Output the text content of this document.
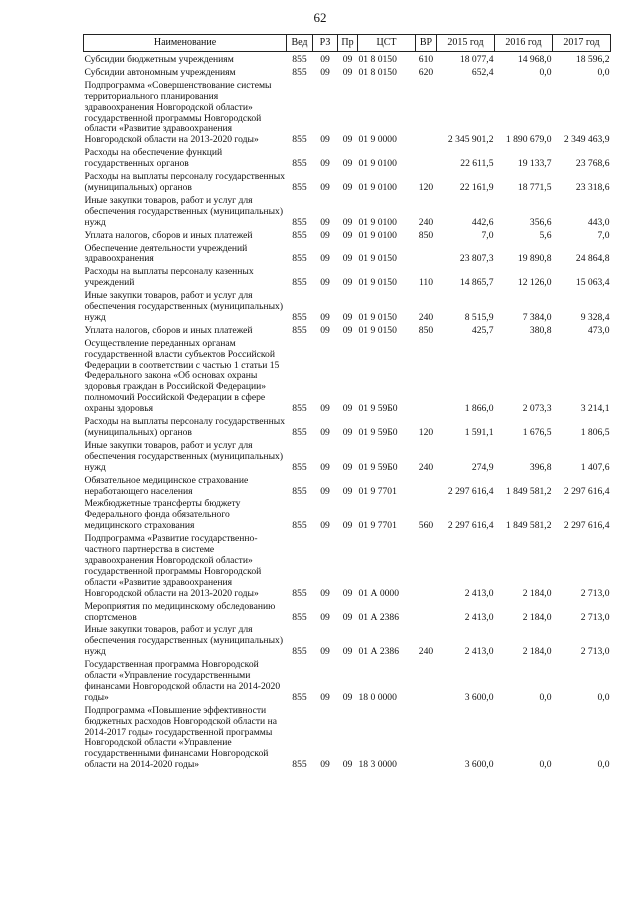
62
Наименование	Вед	РЗ	Пр	ЦСТ	ВР	2015 год	2016 год	2017 год
Субсидии бюджетным учреждениям	855	09	09	01 8 0150	610	18 077,4	14 968,0	18 596,2
Субсидии автономным учреждениям	855	09	09	01 8 0150	620	652,4	0,0	0,0
Подпрограмма «Совершенствование системы территориального планирования здравоохранения Новгородской области» государственной программы Новгородской области «Развитие здравоохранения Новгородской области на 2013-2020 годы»	855	09	09	01 9 0000		2 345 901,2	1 890 679,0	2 349 463,9
Расходы на обеспечение функций государственных органов	855	09	09	01 9 0100		22 611,5	19 133,7	23 768,6
Расходы на выплаты персоналу государственных (муниципальных) органов	855	09	09	01 9 0100	120	22 161,9	18 771,5	23 318,6
Иные закупки товаров, работ и услуг для обеспечения государственных (муниципальных) нужд	855	09	09	01 9 0100	240	442,6	356,6	443,0
Уплата налогов, сборов и иных платежей	855	09	09	01 9 0100	850	7,0	5,6	7,0
Обеспечение деятельности учреждений здравоохранения	855	09	09	01 9 0150		23 807,3	19 890,8	24 864,8
Расходы на выплаты персоналу казенных учреждений	855	09	09	01 9 0150	110	14 865,7	12 126,0	15 063,4
Иные закупки товаров, работ и услуг для обеспечения государственных (муниципальных) нужд	855	09	09	01 9 0150	240	8 515,9	7 384,0	9 328,4
Уплата налогов, сборов и иных платежей	855	09	09	01 9 0150	850	425,7	380,8	473,0
Осуществление переданных органам государственной власти субъектов Российской Федерации в соответствии с частью 1 статьи 15 Федерального закона «Об основах охраны здоровья граждан в Российской Федерации» полномочий Российской Федерации в сфере охраны здоровья	855	09	09	01 9 59Б0		1 866,0	2 073,3	3 214,1
Расходы на выплаты персоналу государственных (муниципальных) органов	855	09	09	01 9 59Б0	120	1 591,1	1 676,5	1 806,5
Иные закупки товаров, работ и услуг для обеспечения государственных (муниципальных) нужд	855	09	09	01 9 59Б0	240	274,9	396,8	1 407,6
Обязательное медицинское страхование неработающего населения	855	09	09	01 9 7701		2 297 616,4	1 849 581,2	2 297 616,4
Межбюджетные трансферты бюджету Федерального фонда обязательного медицинского страхования	855	09	09	01 9 7701	560	2 297 616,4	1 849 581,2	2 297 616,4
Подпрограмма «Развитие государственно-частного партнерства в системе здравоохранения Новгородской области» государственной программы Новгородской области «Развитие здравоохранения Новгородской области на 2013-2020 годы»	855	09	09	01 А 0000		2 413,0	2 184,0	2 713,0
Мероприятия по медицинскому обследованию спортсменов	855	09	09	01 А 2386		2 413,0	2 184,0	2 713,0
Иные закупки товаров, работ и услуг для обеспечения государственных (муниципальных) нужд	855	09	09	01 А 2386	240	2 413,0	2 184,0	2 713,0
Государственная программа Новгородской области «Управление государственными финансами Новгородской области на 2014-2020 годы»	855	09	09	18 0 0000		3 600,0	0,0	0,0
Подпрограмма «Повышение эффективности бюджетных расходов Новгородской области на 2014-2017 годы» государственной программы Новгородской области «Управление государственными финансами Новгородской области на 2014-2020 годы»	855	09	09	18 3 0000		3 600,0	0,0	0,0
